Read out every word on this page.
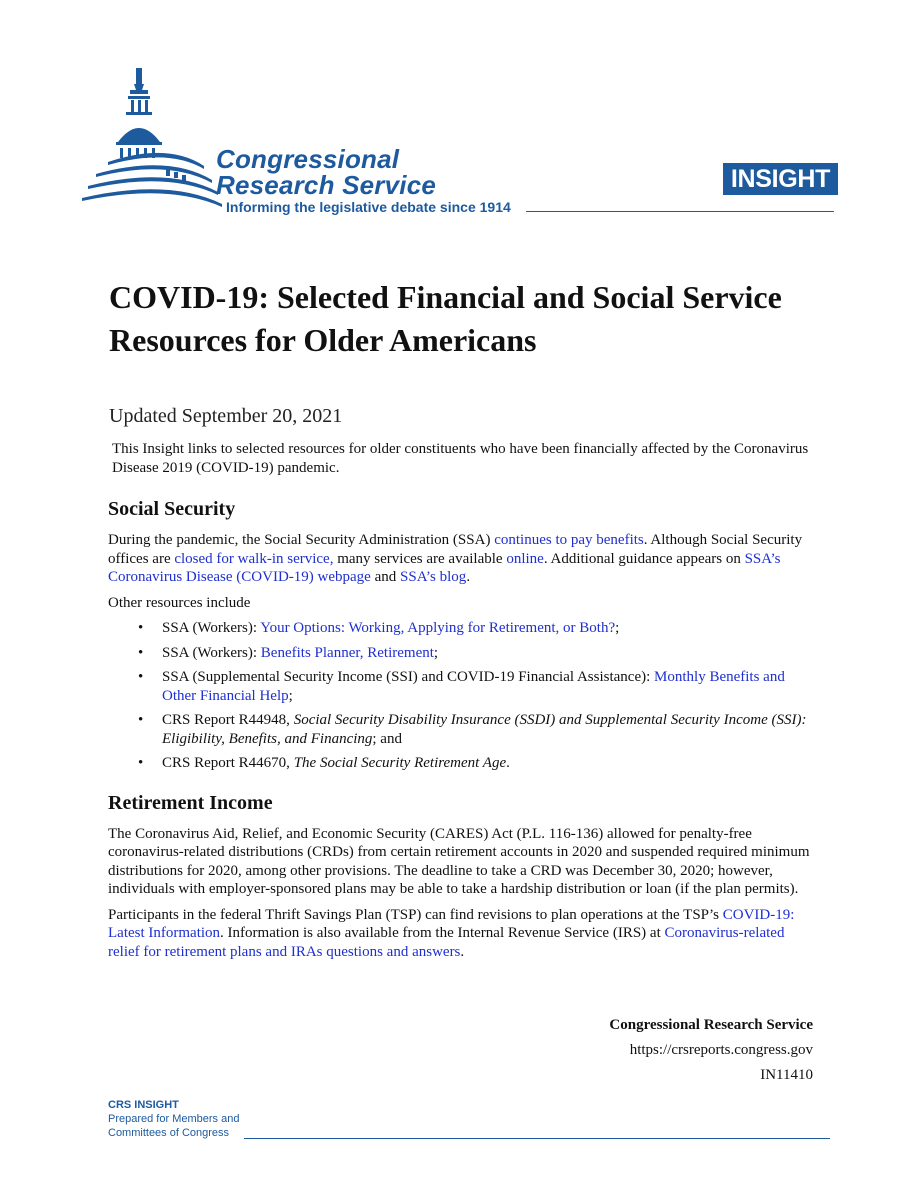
Congressional
Research Service
Informing the legislative debate since 1914
INSIGHT
COVID-19: Selected Financial and Social Service Resources for Older Americans

Updated September 20, 2021

This Insight links to selected resources for older constituents who have been financially affected by the Coronavirus Disease 2019 (COVID-19) pandemic.

Social Security

During the pandemic, the Social Security Administration (SSA) continues to pay benefits. Although Social Security offices are closed for walk-in service, many services are available online. Additional guidance appears on SSA’s Coronavirus Disease (COVID-19) webpage and SSA’s blog.

Other resources include

• SSA (Workers): Your Options: Working, Applying for Retirement, or Both?;
• SSA (Workers): Benefits Planner, Retirement;
• SSA (Supplemental Security Income (SSI) and COVID-19 Financial Assistance): Monthly Benefits and Other Financial Help;
• CRS Report R44948, Social Security Disability Insurance (SSDI) and Supplemental Security Income (SSI): Eligibility, Benefits, and Financing; and
• CRS Report R44670, The Social Security Retirement Age.
Retirement Income

The Coronavirus Aid, Relief, and Economic Security (CARES) Act (P.L. 116-136) allowed for penalty-free coronavirus-related distributions (CRDs) from certain retirement accounts in 2020 and suspended required minimum distributions for 2020, among other provisions. The deadline to take a CRD was December 30, 2020; however, individuals with employer-sponsored plans may be able to take a hardship distribution or loan (if the plan permits).

Participants in the federal Thrift Savings Plan (TSP) can find revisions to plan operations at the TSP’s COVID-19: Latest Information. Information is also available from the Internal Revenue Service (IRS) at Coronavirus-related relief for retirement plans and IRAs questions and answers.

Congressional Research Service
https://crsreports.congress.gov
IN11410
CRS INSIGHT
Prepared for Members and
Committees of Congress
